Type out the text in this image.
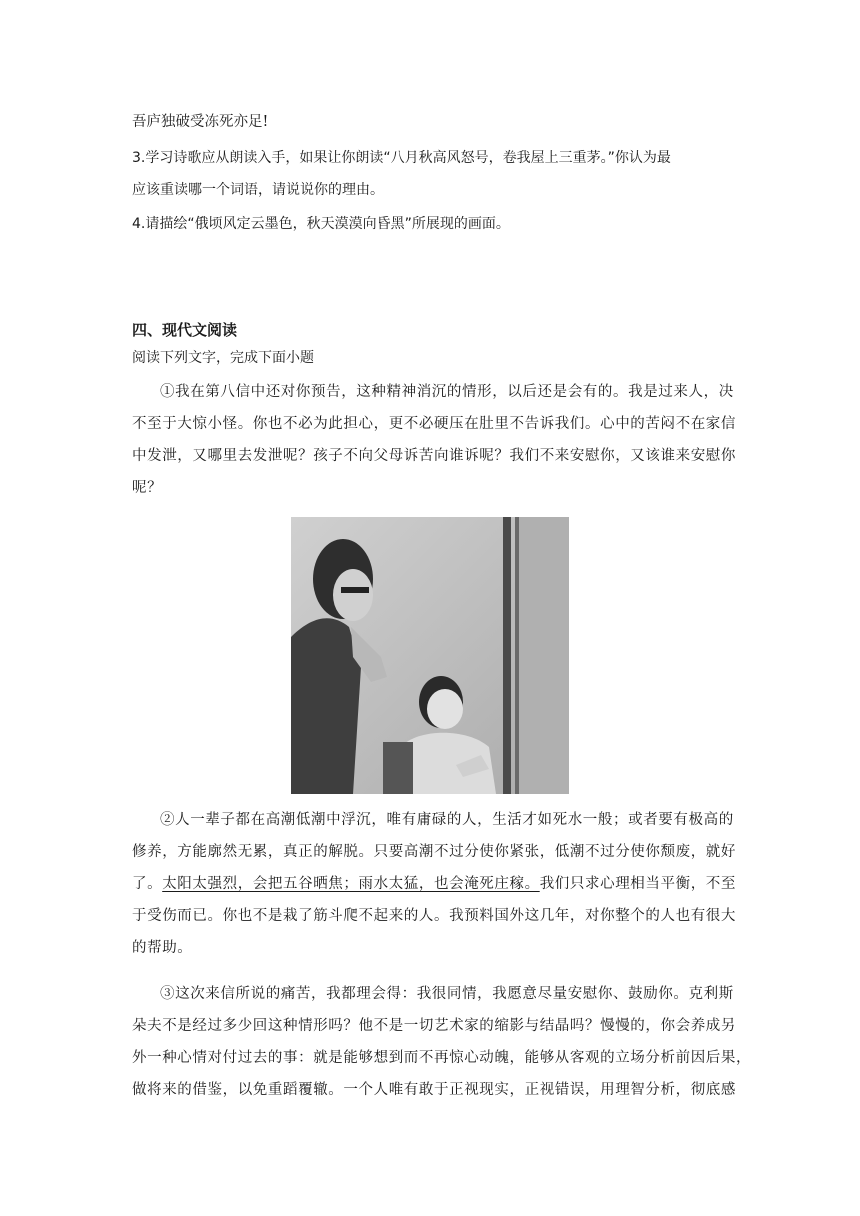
吾庐独破受冻死亦足!
3.学习诗歌应从朗读入手，如果让你朗读“八月秋高风怒号，卷我屋上三重茅。”你认为最
应该重读哪一个词语，请说说你的理由。
4.请描绘“俄顷风定云墨色，秋天漠漠向昏黑”所展现的画面。
四、现代文阅读
阅读下列文字，完成下面小题
①我在第八信中还对你预告，这种精神消沉的情形，以后还是会有的。我是过来人，决
不至于大惊小怪。你也不必为此担心，更不必硬压在肚里不告诉我们。心中的苦闷不在家信
中发泄，又哪里去发泄呢？孩子不向父母诉苦向谁诉呢？我们不来安慰你，又该谁来安慰你
呢？
②人一辈子都在高潮低潮中浮沉，唯有庸碌的人，生活才如死水一般；或者要有极高的
修养，方能廓然无累，真正的解脱。只要高潮不过分使你紧张，低潮不过分使你颓废，就好
了。太阳太强烈，会把五谷晒焦；雨水太猛，也会淹死庄稼。我们只求心理相当平衡，不至
于受伤而已。你也不是栽了筋斗爬不起来的人。我预料国外这几年，对你整个的人也有很大
的帮助。
③这次来信所说的痛苦，我都理会得：我很同情，我愿意尽量安慰你、鼓励你。克利斯
朵夫不是经过多少回这种情形吗？他不是一切艺术家的缩影与结晶吗？慢慢的，你会养成另
外一种心情对付过去的事：就是能够想到而不再惊心动魄，能够从客观的立场分析前因后果，
做将来的借鉴，以免重蹈覆辙。一个人唯有敢于正视现实，正视错误，用理智分析，彻底感
